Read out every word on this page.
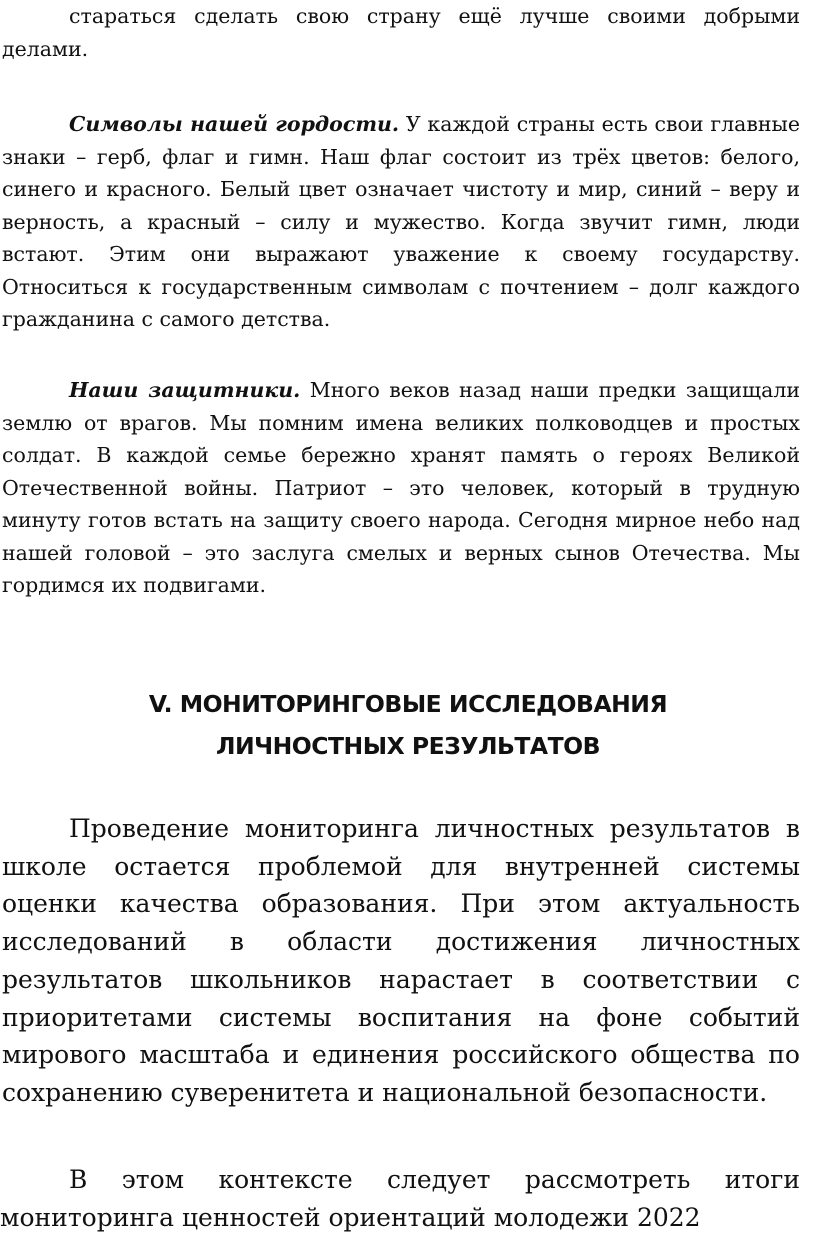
стараться сделать свою страну ещё лучше своими добрыми делами.

Символы нашей гордости. У каждой страны есть свои главные знаки – герб, флаг и гимн. Наш флаг состоит из трёх цветов: белого, синего и красного. Белый цвет означает чистоту и мир, синий – веру и верность, а красный – силу и мужество. Когда звучит гимн, люди встают. Этим они выражают уважение к своему государству. Относиться к государственным символам с почтением – долг каждого гражданина с самого детства.

Наши защитники. Много веков назад наши предки защищали землю от врагов. Мы помним имена великих полководцев и простых солдат. В каждой семье бережно хранят память о героях Великой Отечественной войны. Патриот – это человек, который в трудную минуту готов встать на защиту своего народа. Сегодня мирное небо над нашей головой – это заслуга смелых и верных сынов Отечества. Мы гордимся их подвигами.

V. МОНИТОРИНГОВЫЕ ИССЛЕДОВАНИЯ
ЛИЧНОСТНЫХ РЕЗУЛЬТАТОВ

Проведение мониторинга личностных результатов в школе остается проблемой для внутренней системы оценки качества образования. При этом актуальность исследований в области достижения личностных результатов школьников нарастает в соответствии с приоритетами системы воспитания на фоне событий мирового масштаба и единения российского общества по сохранению суверенитета и национальной безопасности.

В этом контексте следует рассмотреть итоги

мониторинга ценностей ориентаций молодежи 2022
